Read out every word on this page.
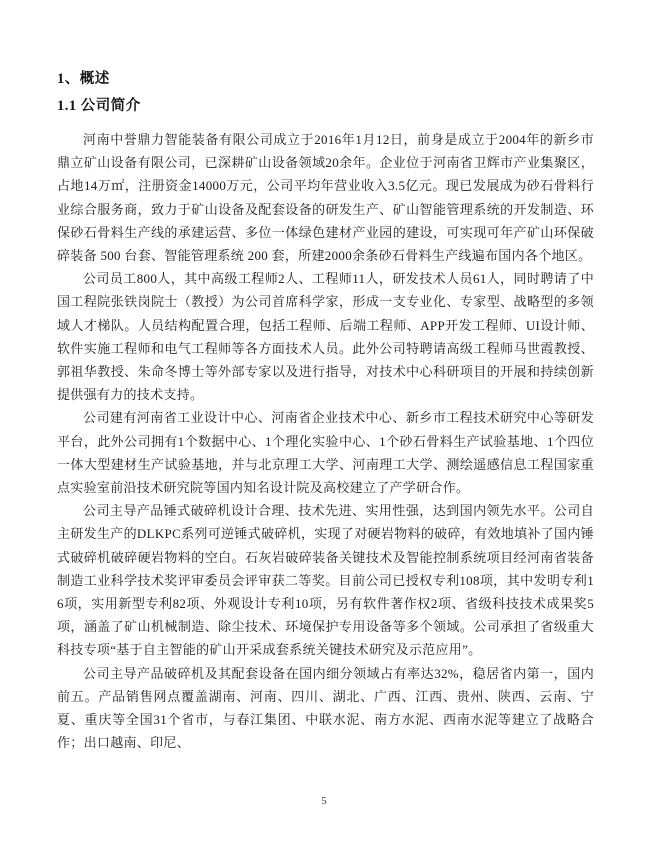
1、概述
1.1 公司简介

河南中誉鼎力智能装备有限公司成立于2016年1月12日，前身是成立于2004年的新乡市鼎立矿山设备有限公司，已深耕矿山设备领域20余年。企业位于河南省卫辉市产业集聚区，占地14万㎡，注册资金14000万元，公司平均年营业收入3.5亿元。现已发展成为砂石骨料行业综合服务商，致力于矿山设备及配套设备的研发生产、矿山智能管理系统的开发制造、环保砂石骨料生产线的承建运营、多位一体绿色建材产业园的建设，可实现可年产矿山环保破碎装备 500 台套、智能管理系统 200 套，所建2000余条砂石骨料生产线遍布国内各个地区。

公司员工800人，其中高级工程师2人、工程师11人，研发技术人员61人，同时聘请了中国工程院张铁岗院士（教授）为公司首席科学家，形成一支专业化、专家型、战略型的多领域人才梯队。人员结构配置合理，包括工程师、后端工程师、APP开发工程师、UI设计师、软件实施工程师和电气工程师等各方面技术人员。此外公司特聘请高级工程师马世霞教授、郭祖华教授、朱命冬博士等外部专家以及进行指导，对技术中心科研项目的开展和持续创新提供强有力的技术支持。

公司建有河南省工业设计中心、河南省企业技术中心、新乡市工程技术研究中心等研发平台，此外公司拥有1个数据中心、1个理化实验中心、1个砂石骨料生产试验基地、1个四位一体大型建材生产试验基地，并与北京理工大学、河南理工大学、测绘遥感信息工程国家重点实验室前沿技术研究院等国内知名设计院及高校建立了产学研合作。

公司主导产品锤式破碎机设计合理、技术先进、实用性强，达到国内领先水平。公司自主研发生产的DLKPC系列可逆锤式破碎机，实现了对硬岩物料的破碎，有效地填补了国内锤式破碎机破碎硬岩物料的空白。石灰岩破碎装备关键技术及智能控制系统项目经河南省装备制造工业科学技术奖评审委员会评审获二等奖。目前公司已授权专利108项，其中发明专利16项，实用新型专利82项、外观设计专利10项，另有软件著作权2项、省级科技技术成果奖5项，涵盖了矿山机械制造、除尘技术、环境保护专用设备等多个领域。公司承担了省级重大科技专项“基于自主智能的矿山开采成套系统关键技术研究及示范应用”。

公司主导产品破碎机及其配套设备在国内细分领域占有率达32%，稳居省内第一，国内前五。产品销售网点覆盖湖南、河南、四川、湖北、广西、江西、贵州、陕西、云南、宁夏、重庆等全国31个省市，与春江集团、中联水泥、南方水泥、西南水泥等建立了战略合作；出口越南、印尼、

5
